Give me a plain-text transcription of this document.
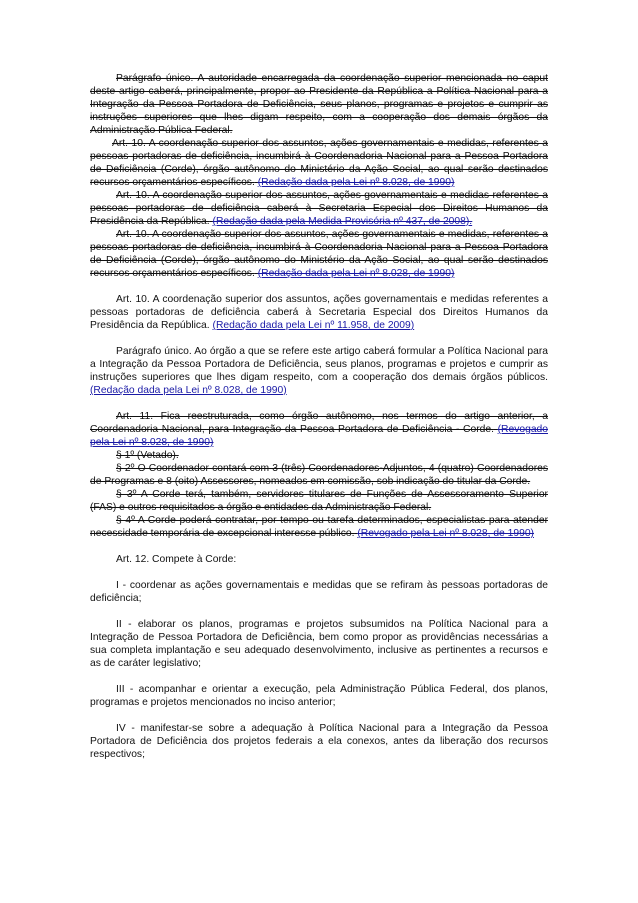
Parágrafo único. A autoridade encarregada da coordenação superior mencionada no caput deste artigo caberá, principalmente, propor ao Presidente da República a Política Nacional para a Integração da Pessoa Portadora de Deficiência, seus planos, programas e projetos e cumprir as instruções superiores que lhes digam respeito, com a cooperação dos demais órgãos da Administração Pública Federal.

Art. 10. A coordenação superior dos assuntos, ações governamentais e medidas, referentes a pessoas portadoras de deficiência, incumbirá à Coordenadoria Nacional para a Pessoa Portadora de Deficiência (Corde), órgão autônomo do Ministério da Ação Social, ao qual serão destinados recursos orçamentários específicos. (Redação dada pela Lei nº 8.028, de 1990)

Art. 10. A coordenação superior dos assuntos, ações governamentais e medidas referentes a pessoas portadoras de deficiência caberá à Secretaria Especial dos Direitos Humanos da Presidência da República. (Redação dada pela Medida Provisória nº 437, de 2008).

Art. 10. A coordenação superior dos assuntos, ações governamentais e medidas, referentes a pessoas portadoras de deficiência, incumbirá à Coordenadoria Nacional para a Pessoa Portadora de Deficiência (Corde), órgão autônomo do Ministério da Ação Social, ao qual serão destinados recursos orçamentários específicos. (Redação dada pela Lei nº 8.028, de 1990)

Art. 10. A coordenação superior dos assuntos, ações governamentais e medidas referentes a pessoas portadoras de deficiência caberá à Secretaria Especial dos Direitos Humanos da Presidência da República. (Redação dada pela Lei nº 11.958, de 2009)

Parágrafo único. Ao órgão a que se refere este artigo caberá formular a Política Nacional para a Integração da Pessoa Portadora de Deficiência, seus planos, programas e projetos e cumprir as instruções superiores que lhes digam respeito, com a cooperação dos demais órgãos públicos. (Redação dada pela Lei nº 8.028, de 1990)

Art. 11. Fica reestruturada, como órgão autônomo, nos termos do artigo anterior, a Coordenadoria Nacional, para Integração da Pessoa Portadora de Deficiência - Corde. (Revogado pela Lei nº 8.028, de 1990)

§ 1º (Vetado).

§ 2º O Coordenador contará com 3 (três) Coordenadores-Adjuntos, 4 (quatro) Coordenadores de Programas e 8 (oito) Assessores, nomeados em comissão, sob indicação do titular da Corde.

§ 3º A Corde terá, também, servidores titulares de Funções de Assessoramento Superior (FAS) e outros requisitados a órgão e entidades da Administração Federal.

§ 4º A Corde poderá contratar, por tempo ou tarefa determinados, especialistas para atender necessidade temporária de excepcional interesse público. (Revogado pela Lei nº 8.028, de 1990)

Art. 12. Compete à Corde:

I - coordenar as ações governamentais e medidas que se refiram às pessoas portadoras de deficiência;

II - elaborar os planos, programas e projetos subsumidos na Política Nacional para a Integração de Pessoa Portadora de Deficiência, bem como propor as providências necessárias a sua completa implantação e seu adequado desenvolvimento, inclusive as pertinentes a recursos e as de caráter legislativo;

III - acompanhar e orientar a execução, pela Administração Pública Federal, dos planos, programas e projetos mencionados no inciso anterior;

IV - manifestar-se sobre a adequação à Política Nacional para a Integração da Pessoa Portadora de Deficiência dos projetos federais a ela conexos, antes da liberação dos recursos respectivos;
